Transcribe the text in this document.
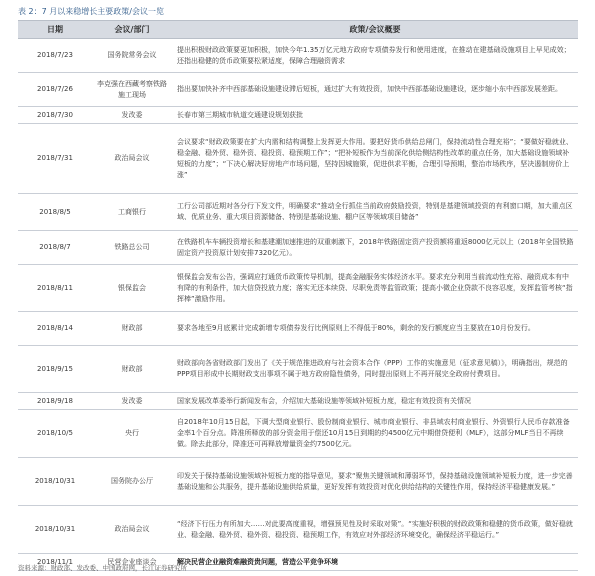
表 2：7 月以来稳增长主要政策/会议一览
日期	会议/部门	政策/会议概要
2018/7/23	国务院常务会议	提出积极财政政策要更加积极，加快今年1.35万亿元地方政府专项债券发行和使用进度，在推动在建基础设施项目上早见成效；还指出稳健的货币政策要松紧适度，保障合理融资需求
2018/7/26	李克强在西藏考察铁路施工现场	指出要加快补齐中西部基础设施建设滞后短板，通过扩大有效投资，加快中西部基础设施建设，逐步缩小东中西部发展差距。
2018/7/30	发改委	长春市第三期城市轨道交通建设规划获批
2018/7/31	政治局会议	会议要求“财政政策要在扩大内需和结构调整上发挥更大作用。要把好货币供给总闸门，保持流动性合理充裕”；“要做好稳就业、稳金融、稳外贸、稳外资、稳投资、稳预期工作”；“把补短板作为当前深化供给侧结构性改革的重点任务，加大基础设施领域补短板的力度”；“下决心解决好房地产市场问题，坚持因城施策，促进供求平衡，合理引导预期，整治市场秩序，坚决遏制房价上涨”
2018/8/5	工商银行	工行公司部近期对各分行下发文件，明确要求“推动全行抓住当前政府鼓励投资，特别是基建领域投资的有利窗口期，加大重点区域、优质业务、重大项目资源储备、特别是基础设施、棚户区等领域项目储备”
2018/8/7	铁路总公司	在铁路机车车辆投资增长和基建潮加速推进的双重刺激下，2018年铁路固定资产投资额将重返8000亿元以上（2018年全国铁路固定资产投资原计划安排7320亿元）。
2018/8/11	银保监会	银保监会发布公告，强调应打通货币政策传导机制，提高金融服务实体经济水平。要求充分利用当前流动性充裕、融资成本有中有降的有利条件，加大信贷投放力度；落实无还本续贷、尽职免责等监管政策；提高小微企业贷款不良容忍度，发挥监管考核“指挥棒”激励作用。
2018/8/14	财政部	要求各地至9月底累计完成新增专项债券发行比例原则上不得低于80%，剩余的发行额度应当主要放在10月份发行。
2018/9/15	财政部	财政部向各省财政部门发出了《关于规范推进政府与社会资本合作（PPP）工作的实施意见（征求意见稿）》，明确指出，规范的PPP项目形成中长期财政支出事项不属于地方政府隐性债务，同时提出原则上不再开展完全政府付费项目。
2018/9/18	发改委	国家发展改革委举行新闻发布会，介绍加大基础设施等领域补短板力度，稳定有效投资有关情况
2018/10/5	央行	自2018年10月15日起，下调大型商业银行、股份制商业银行、城市商业银行、非县域农村商业银行、外资银行人民币存款准备金率1个百分点。降准所释放的部分资金用于偿还10月15日到期的约4500亿元中期借贷便利（MLF），这部分MLF当日不再续做。除去此部分，降准还可再释放增量资金约7500亿元。
2018/10/31	国务院办公厅	印发关于保持基础设施领域补短板力度的指导意见，要求“聚焦关键领域和薄弱环节，保持基础设施领域补短板力度，进一步完善基础设施和公共服务，提升基础设施供给质量，更好发挥有效投资对优化供给结构的关键性作用，保持经济平稳健康发展。”
2018/10/31	政治局会议	“经济下行压力有所加大……对此要高度重视，增强预见性及时采取对策”。“实施好积极的财政政策和稳健的货币政策，做好稳就业、稳金融、稳外贸、稳外资、稳投资、稳预期工作，有效应对外部经济环境变化，确保经济平稳运行。”
2018/11/1	民营企业座谈会	解决民营企业融资难融资贵问题，营造公平竞争环境
资料来源：财政部、发改委、中国政府网，长江证券研究所
